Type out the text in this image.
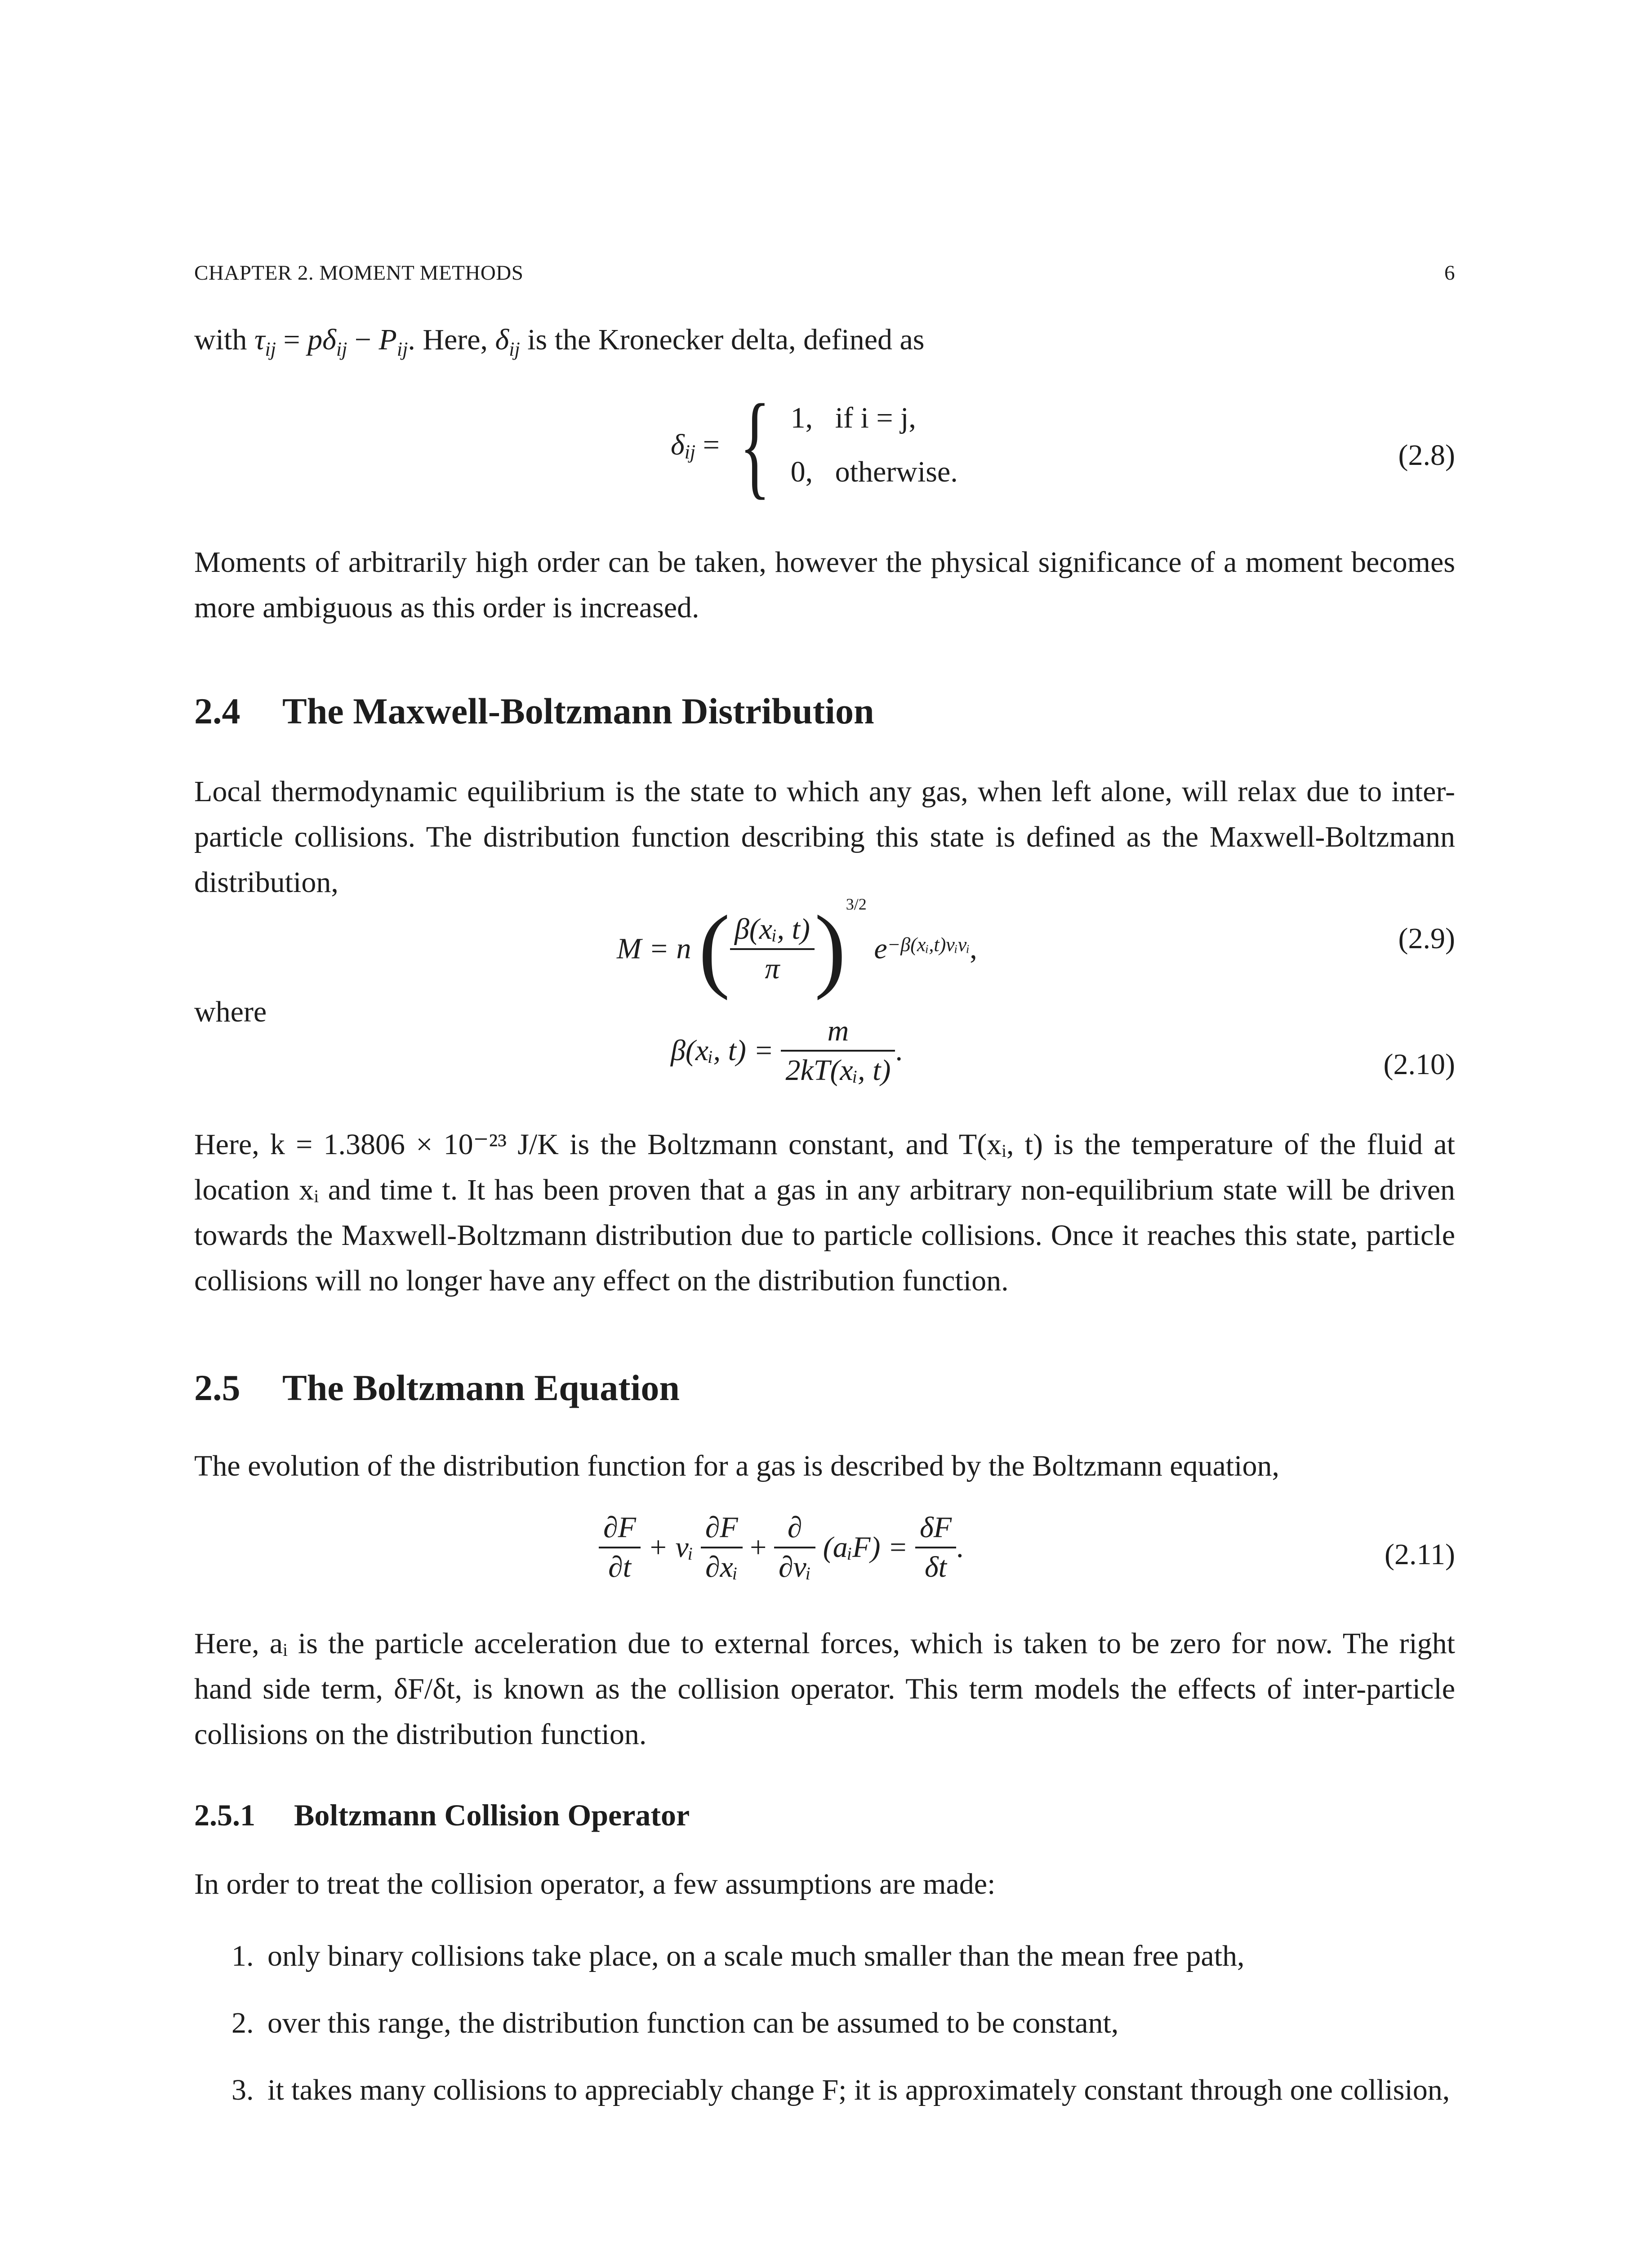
CHAPTER 2. MOMENT METHODS	6

with $\tau_{ij} = p\delta_{ij} - P_{ij}$. Here, $\delta_{ij}$ is the Kronecker delta, defined as

$\delta_{ij}$ = { 1, if i = j,
0, otherwise.
(2.8)

Moments of arbitrarily high order can be taken, however the physical significance of a moment becomes more ambiguous as this order is increased.

2.4 The Maxwell-Boltzmann Distribution

Local thermodynamic equilibrium is the state to which any gas, when left alone, will relax due to inter-particle collisions. The distribution function describing this state is defined as the Maxwell-Boltzmann distribution,

M = n ( $\frac{\text{β(xᵢ, t)}}{\pi} )^{3/2}$ $e^{-\beta(xᵢ,t)vᵢvᵢ}$,	(2.9)

where

β(xᵢ, $t) = \frac{m}{\text{2kT(xᵢ, t)}}$ .	(2.10)

Here, k = 1.3806 × 10⁻²³ J/K is the Boltzmann constant, and T(xᵢ, t) is the temperature of the fluid at location xᵢ and time t. It has been proven that a gas in any arbitrary non-equilibrium state will be driven towards the Maxwell-Boltzmann distribution due to particle collisions. Once it reaches this state, particle collisions will no longer have any effect on the distribution function.

2.5 The Boltzmann Equation

The evolution of the distribution function for a gas is described by the Boltzmann equation,

$\frac{\partial F}{\partial t}$ + vᵢ $\frac{\partial F}{\text{∂xᵢ}} + \frac{\partial}{\text{∂vᵢ}}$ (aᵢF) = $\frac{\delta F}{\delta t}$ .	(2.11)

Here, aᵢ is the particle acceleration due to external forces, which is taken to be zero for now. The right hand side term, δF/δt, is known as the collision operator. This term models the effects of inter-particle collisions on the distribution function.

2.5.1 Boltzmann Collision Operator

In order to treat the collision operator, a few assumptions are made:

1. only binary collisions take place, on a scale much smaller than the mean free path,
2. over this range, the distribution function can be assumed to be constant,
3. it takes many collisions to appreciably change F; it is approximately constant through one collision,
